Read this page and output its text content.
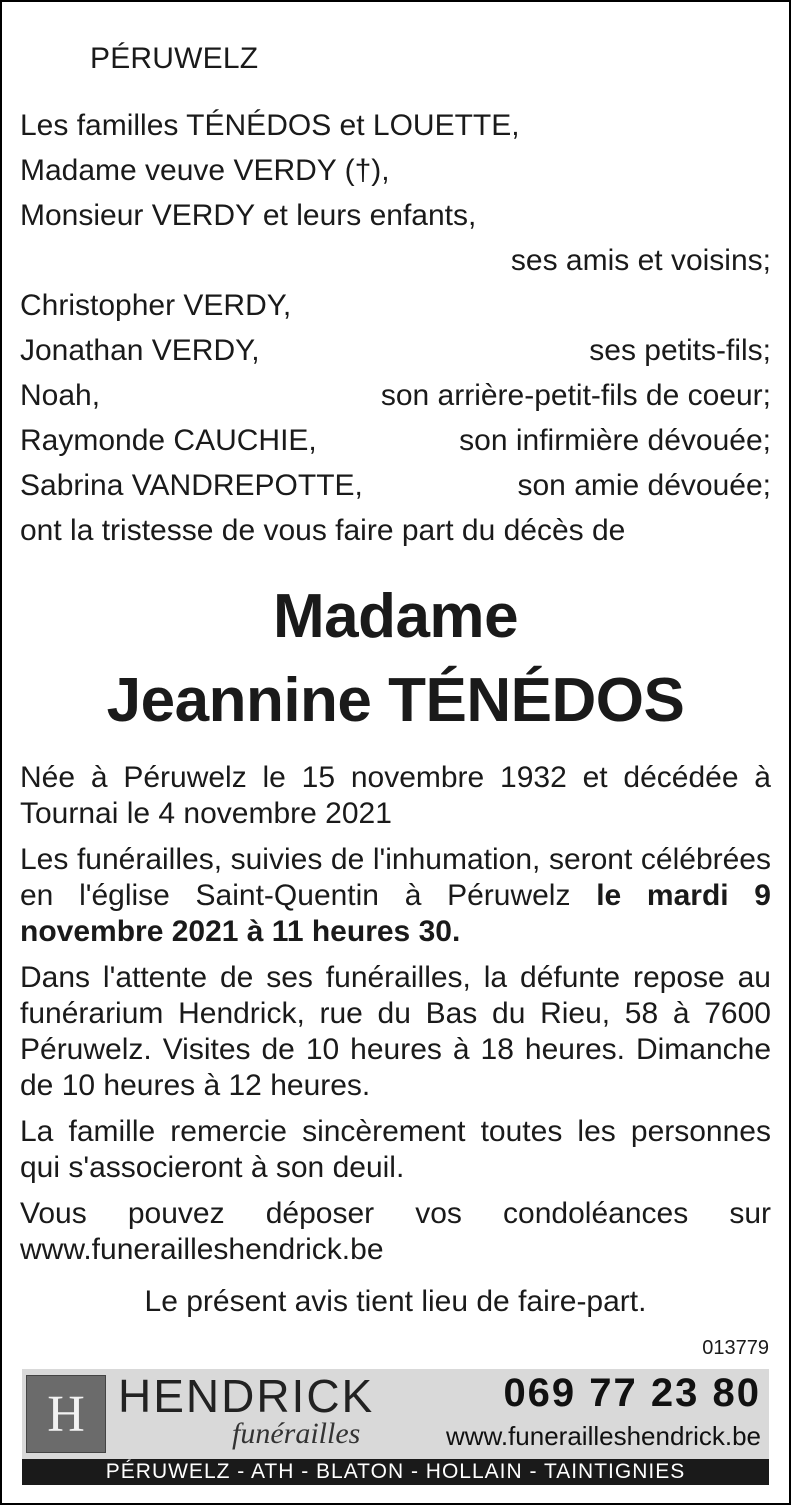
PÉRUWELZ
Les familles TÉNÉDOS et LOUETTE,
Madame veuve VERDY (†),
Monsieur VERDY et leurs enfants,
ses amis et voisins;
Christopher VERDY,
Jonathan VERDY,	ses petits-fils;
Noah,	son arrière-petit-fils de coeur;
Raymonde CAUCHIE,	son infirmière dévouée;
Sabrina VANDREPOTTE,	son amie dévouée;
ont la tristesse de vous faire part du décès de
Madame
Jeannine TÉNÉDOS

Née à Péruwelz le 15 novembre 1932 et décédée à Tournai le 4 novembre 2021

Les funérailles, suivies de l'inhumation, seront célébrées en l'église Saint-Quentin à Péruwelz le mardi 9 novembre 2021 à 11 heures 30.

Dans l'attente de ses funérailles, la défunte repose au funérarium Hendrick, rue du Bas du Rieu, 58 à 7600 Péruwelz. Visites de 10 heures à 18 heures. Dimanche de 10 heures à 12 heures.

La famille remercie sincèrement toutes les personnes qui s'associeront à son deuil.

Vous pouvez déposer vos condoléances sur www.funerailleshendrick.be

Le présent avis tient lieu de faire-part.
013779
H HENDRICK
funérailles
069 77 23 80
www.funerailleshendrick.be
PÉRUWELZ - ATH - BLATON - HOLLAIN - TAINTIGNIES
